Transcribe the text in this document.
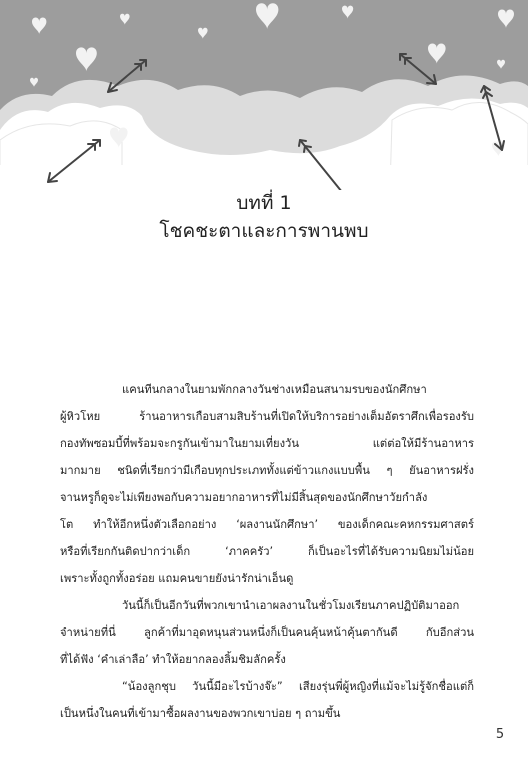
บทที่ 1
โชคชะตาและการพานพบ
แคนทีนกลางในยามพักกลางวันช่างเหมือนสนามรบของนักศึกษา
ผู้หิวโหย ร้านอาหารเกือบสามสิบร้านที่เปิดให้บริการอย่างเต็มอัตราศึกเพื่อรองรับ
กองทัพซอมบี้ที่พร้อมจะกรูกันเข้ามาในยามเที่ยงวัน แต่ต่อให้มีร้านอาหาร
มากมาย ชนิดที่เรียกว่ามีเกือบทุกประเภททั้งแต่ข้าวแกงแบบพื้น ๆ ยันอาหารฝรั่ง
จานหรูก็ดูจะไม่เพียงพอกับความอยากอาหารที่ไม่มีสิ้นสุดของนักศึกษาวัยกำลัง
โต ทำให้อีกหนึ่งตัวเลือกอย่าง ‘ผลงานนักศึกษา’ ของเด็กคณะคหกรรมศาสตร์
หรือที่เรียกกันติดปากว่าเด็ก ‘ภาคครัว’ ก็เป็นอะไรที่ได้รับความนิยมไม่น้อย
เพราะทั้งถูกทั้งอร่อย แถมคนขายยังน่ารักน่าเอ็นดู
วันนี้ก็เป็นอีกวันที่พวกเขานำเอาผลงานในชั่วโมงเรียนภาคปฏิบัติมาออก
จำหน่ายที่นี่ ลูกค้าที่มาอุดหนุนส่วนหนึ่งก็เป็นคนคุ้นหน้าคุ้นตากันดี กับอีกส่วน
ที่ได้ฟัง ‘คำเล่าลือ’ ทำให้อยากลองลิ้มชิมลักครั้ง
“น้องลูกชุบ วันนี้มีอะไรบ้างจ๊ะ” เสียงรุ่นพี่ผู้หญิงที่แม้จะไม่รู้จักชื่อแต่ก็
เป็นหนึ่งในคนที่เข้ามาซื้อผลงานของพวกเขาบ่อย ๆ ถามขึ้น
5
